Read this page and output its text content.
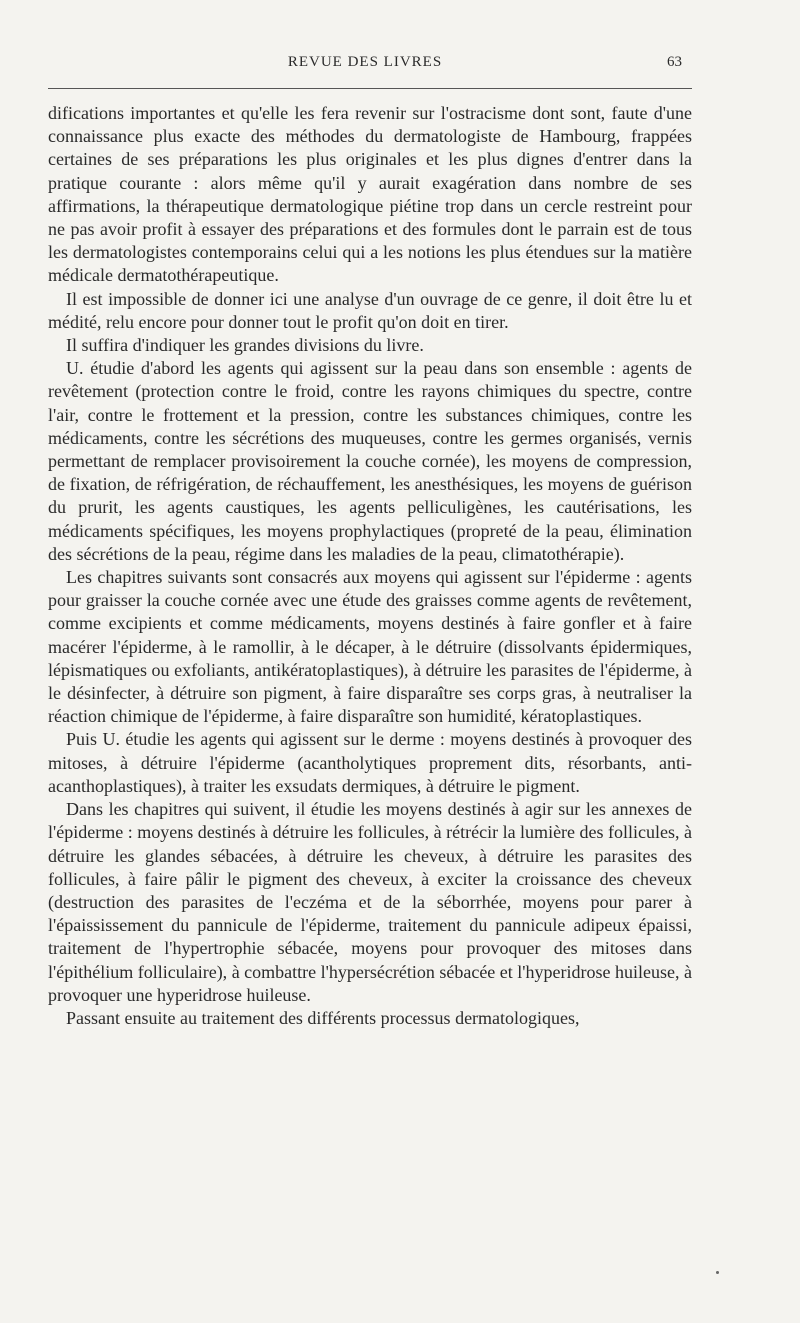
REVUE DES LIVRES	63

difications importantes et qu'elle les fera revenir sur l'ostracisme dont sont, faute d'une connaissance plus exacte des méthodes du dermatologiste de Hambourg, frappées certaines de ses préparations les plus originales et les plus dignes d'entrer dans la pratique courante : alors même qu'il y aurait exagération dans nombre de ses affirmations, la thérapeutique dermatologique piétine trop dans un cercle restreint pour ne pas avoir profit à essayer des préparations et des formules dont le parrain est de tous les dermatologistes contemporains celui qui a les notions les plus étendues sur la matière médicale dermatothérapeutique.

Il est impossible de donner ici une analyse d'un ouvrage de ce genre, il doit être lu et médité, relu encore pour donner tout le profit qu'on doit en tirer.

Il suffira d'indiquer les grandes divisions du livre.

U. étudie d'abord les agents qui agissent sur la peau dans son ensemble : agents de revêtement (protection contre le froid, contre les rayons chimiques du spectre, contre l'air, contre le frottement et la pression, contre les substances chimiques, contre les médicaments, contre les sécrétions des muqueuses, contre les germes organisés, vernis permettant de remplacer provisoirement la couche cornée), les moyens de compression, de fixation, de réfrigération, de réchauffement, les anesthésiques, les moyens de guérison du prurit, les agents caustiques, les agents pelliculigènes, les cautérisations, les médicaments spécifiques, les moyens prophylactiques (propreté de la peau, élimination des sécrétions de la peau, régime dans les maladies de la peau, climatothérapie).

Les chapitres suivants sont consacrés aux moyens qui agissent sur l'épiderme : agents pour graisser la couche cornée avec une étude des graisses comme agents de revêtement, comme excipients et comme médicaments, moyens destinés à faire gonfler et à faire macérer l'épiderme, à le ramollir, à le décaper, à le détruire (dissolvants épidermiques, lépismatiques ou exfoliants, antikératoplastiques), à détruire les parasites de l'épiderme, à le désinfecter, à détruire son pigment, à faire disparaître ses corps gras, à neutraliser la réaction chimique de l'épiderme, à faire disparaître son humidité, kératoplastiques.

Puis U. étudie les agents qui agissent sur le derme : moyens destinés à provoquer des mitoses, à détruire l'épiderme (acantholytiques proprement dits, résorbants, anti-acanthoplastiques), à traiter les exsudats dermiques, à détruire le pigment.

Dans les chapitres qui suivent, il étudie les moyens destinés à agir sur les annexes de l'épiderme : moyens destinés à détruire les follicules, à rétrécir la lumière des follicules, à détruire les glandes sébacées, à détruire les cheveux, à détruire les parasites des follicules, à faire pâlir le pigment des cheveux, à exciter la croissance des cheveux (destruction des parasites de l'eczéma et de la séborrhée, moyens pour parer à l'épaississement du pannicule de l'épiderme, traitement du pannicule adipeux épaissi, traitement de l'hypertrophie sébacée, moyens pour provoquer des mitoses dans l'épithélium folliculaire), à combattre l'hypersécrétion sébacée et l'hyperidrose huileuse, à provoquer une hyperidrose huileuse.

Passant ensuite au traitement des différents processus dermatologiques,
